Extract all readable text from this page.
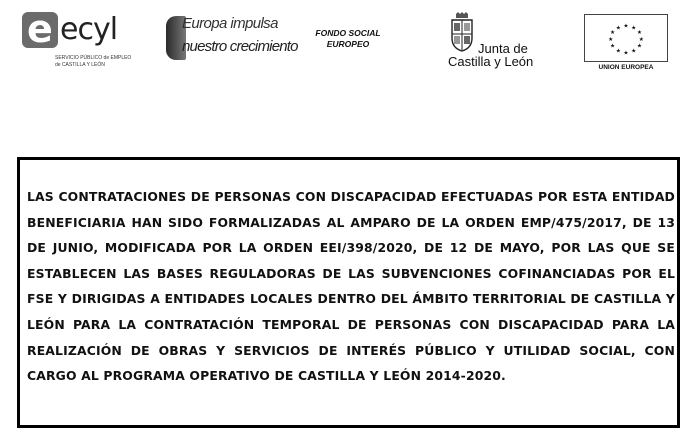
e ecyl
SERVICIO PÚBLICO de EMPLEO
de CASTILLA Y LEÓN
Europa impulsa
nuestro crecimiento
FONDO SOCIAL
EUROPEO	Junta de
Castilla y León
★ ★
★
★
★
★
★
★
★
★
★
★
UNION EUROPEA

LAS CONTRATACIONES DE PERSONAS CON DISCAPACIDAD EFECTUADAS POR ESTA ENTIDAD BENEFICIARIA HAN SIDO FORMALIZADAS AL AMPARO DE LA ORDEN EMP/475/2017, DE 13 DE JUNIO, MODIFICADA POR LA ORDEN EEI/398/2020, DE 12 DE MAYO, POR LAS QUE SE ESTABLECEN LAS BASES REGULADORAS DE LAS SUBVENCIONES COFINANCIADAS POR EL FSE Y DIRIGIDAS A ENTIDADES LOCALES DENTRO DEL ÁMBITO TERRITORIAL DE CASTILLA Y LEÓN PARA LA CONTRATACIÓN TEMPORAL DE PERSONAS CON DISCAPACIDAD PARA LA REALIZACIÓN DE OBRAS Y SERVICIOS DE INTERÉS PÚBLICO Y UTILIDAD SOCIAL, CON CARGO AL PROGRAMA OPERATIVO DE CASTILLA Y LEÓN 2014-2020.
